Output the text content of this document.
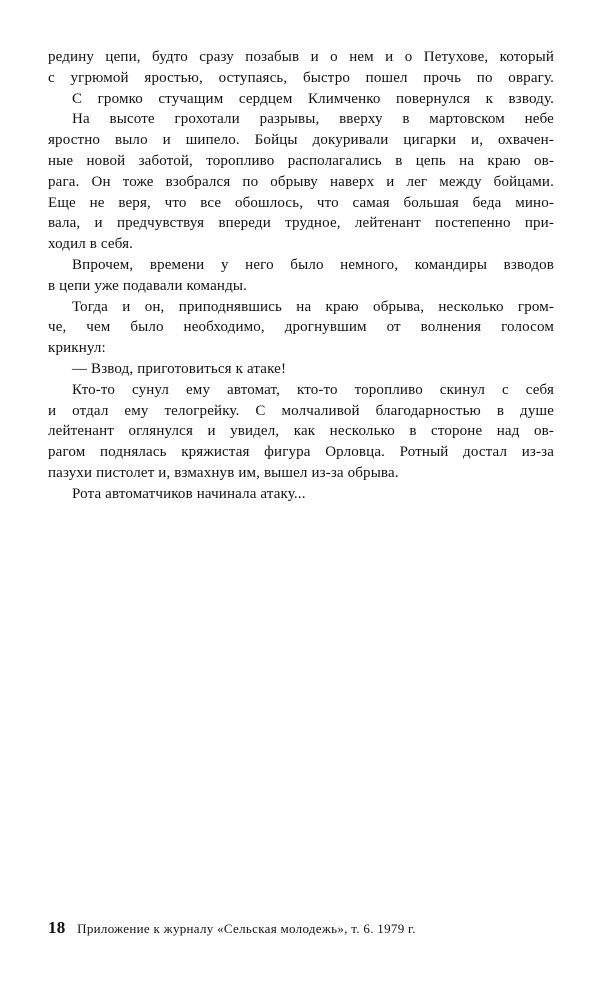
редину цепи, будто сразу позабыв и о нем и о Петухове, который
с угрюмой яростью, оступаясь, быстро пошел прочь по оврагу.
С громко стучащим сердцем Климченко повернулся к взводу.
На высоте грохотали разрывы, вверху в мартовском небе
яростно выло и шипело. Бойцы докуривали цигарки и, охвачен-
ные новой заботой, торопливо располагались в цепь на краю ов-
рага. Он тоже взобрался по обрыву наверх и лег между бойцами.
Еще не веря, что все обошлось, что самая большая беда мино-
вала, и предчувствуя впереди трудное, лейтенант постепенно при-
ходил в себя.
Впрочем, времени у него было немного, командиры взводов
в цепи уже подавали команды.
Тогда и он, приподнявшись на краю обрыва, несколько гром-
че, чем было необходимо, дрогнувшим от волнения голосом
крикнул:
— Взвод, приготовиться к атаке!
Кто-то сунул ему автомат, кто-то торопливо скинул с себя
и отдал ему телогрейку. С молчаливой благодарностью в душе
лейтенант оглянулся и увидел, как несколько в стороне над ов-
рагом поднялась кряжистая фигура Орловца. Ротный достал из-за
пазухи пистолет и, взмахнув им, вышел из-за обрыва.
Рота автоматчиков начинала атаку...
18 Приложение к журналу «Сельская молодежь», т. 6. 1979 г.
